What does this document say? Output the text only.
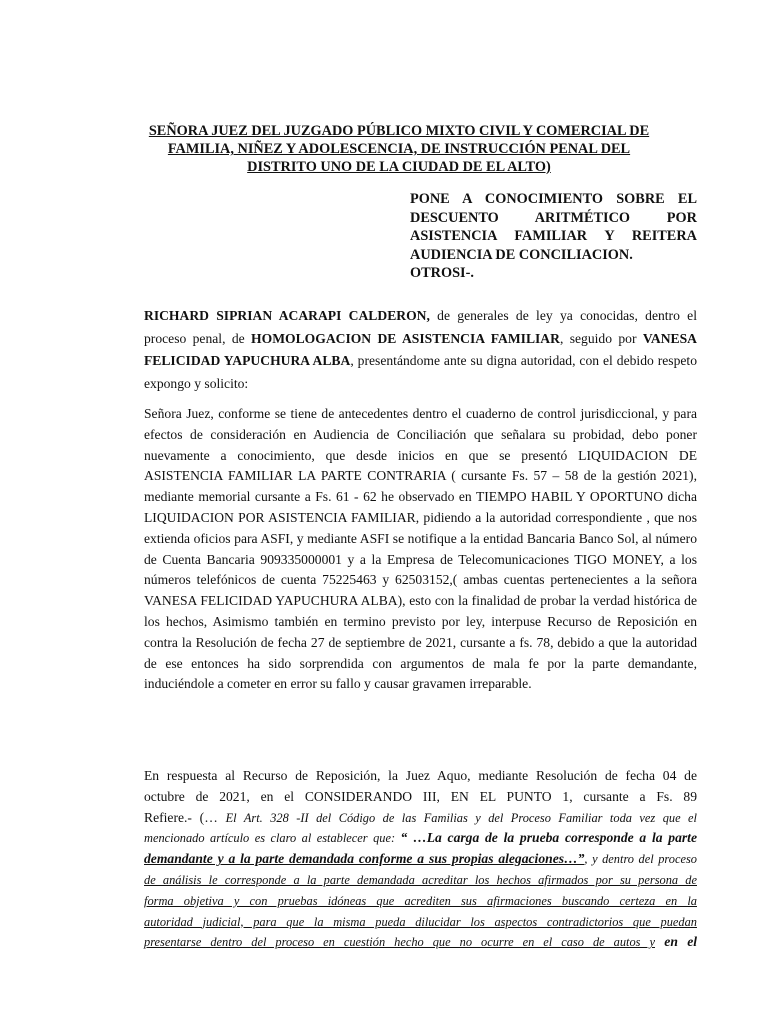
SEÑORA JUEZ DEL JUZGADO PÚBLICO MIXTO CIVIL Y COMERCIAL DE
FAMILIA, NIÑEZ Y ADOLESCENCIA, DE INSTRUCCIÓN PENAL DEL
DISTRITO UNO DE LA CIUDAD DE EL ALTO)
PONE A CONOCIMIENTO SOBRE EL
DESCUENTO ARITMÉTICO POR
ASISTENCIA FAMILIAR Y REITERA
AUDIENCIA DE CONCILIACION.
OTROSI-.
RICHARD SIPRIAN ACARAPI CALDERON, de generales de ley ya conocidas, dentro el proceso penal, de HOMOLOGACION DE ASISTENCIA FAMILIAR, seguido por VANESA FELICIDAD YAPUCHURA ALBA, presentándome ante su digna autoridad, con el debido respeto expongo y solicito:
Señora Juez, conforme se tiene de antecedentes dentro el cuaderno de control jurisdiccional, y para efectos de consideración en Audiencia de Conciliación que señalara su probidad, debo poner nuevamente a conocimiento, que desde inicios en que se presentó LIQUIDACION DE ASISTENCIA FAMILIAR LA PARTE CONTRARIA ( cursante Fs. 57 – 58 de la gestión 2021), mediante memorial cursante a Fs. 61 - 62 he observado en TIEMPO HABIL Y OPORTUNO dicha LIQUIDACION POR ASISTENCIA FAMILIAR, pidiendo a la autoridad correspondiente , que nos extienda oficios para ASFI, y mediante ASFI se notifique a la entidad Bancaria Banco Sol, al número de Cuenta Bancaria 909335000001 y a la Empresa de Telecomunicaciones TIGO MONEY, a los números telefónicos de cuenta 75225463 y 62503152,( ambas cuentas pertenecientes a la señora VANESA FELICIDAD YAPUCHURA ALBA), esto con la finalidad de probar la verdad histórica de los hechos, Asimismo también en termino previsto por ley, interpuse Recurso de Reposición en contra la Resolución de fecha 27 de septiembre de 2021, cursante a fs. 78, debido a que la autoridad de ese entonces ha sido sorprendida con argumentos de mala fe por la parte demandante, induciéndole a cometer en error su fallo y causar gravamen irreparable.
En respuesta al Recurso de Reposición, la Juez Aquo, mediante Resolución de fecha 04 de
octubre de 2021, en el CONSIDERANDO III, EN EL PUNTO 1, cursante a Fs. 89
Refiere.- (… El Art. 328 -II del Código de las Familias y del Proceso Familiar toda vez que el
mencionado artículo es claro al establecer que: “ …La carga de la prueba corresponde a la parte
demandante y a la parte demandada conforme a sus propias alegaciones…”, y dentro del proceso
de análisis le corresponde a la parte demandada acreditar los hechos afirmados por su persona de
forma objetiva y con pruebas idóneas que acrediten sus afirmaciones buscando certeza en la
autoridad judicial, para que la misma pueda dilucidar los aspectos contradictorios que puedan
presentarse dentro del proceso en cuestión hecho que no ocurre en el caso de autos y en el
